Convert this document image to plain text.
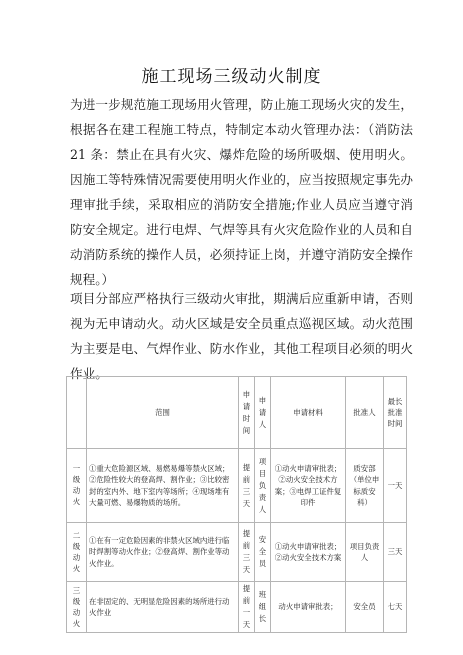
施工现场三级动火制度

为进一步规范施工现场用火管理，防止施工现场火灾的发生，根据各在建工程施工特点，特制定本动火管理办法：（消防法 21 条：禁止在具有火灾、爆炸危险的场所吸烟、使用明火。因施工等特殊情况需要使用明火作业的，应当按照规定事先办理审批手续，采取相应的消防安全措施;作业人员应当遵守消防安全规定。进行电焊、气焊等具有火灾危险作业的人员和自动消防系统的操作人员，必须持证上岗，并遵守消防安全操作规程。）

项目分部应严格执行三级动火审批，期满后应重新申请，否则视为无申请动火。动火区域是安全员重点巡视区域。动火范围为主要是电、气焊作业、防水作业，其他工程项目必须的明火作业。

	范围	申请时间	申请人	申请材料	批准人	最长批准时间
一级动火	①重大危险源区域、易燃易爆等禁火区域；②危险性较大的登高焊、割作业；③比较密封的室内外、地下室内等场所；④现场堆有大量可燃、易爆物质的场所。	提前三天	项目负责人	①动火申请审批表；②动火安全技术方案；③电焊工证件复印件	质安部（单位申标质安科）	一天
二级动火	①在有一定危险因素的非禁火区域内进行临时焊割等动火作业；②登高焊、割作业等动火作业。	提前三天	安全员	①动火申请审批表；②动火安全技术方案	项目负责人	三天
三级动火	在非固定的、无明显危险因素的场所进行动火作业	提前一天	班组长	动火申请审批表；	安全员	七天
